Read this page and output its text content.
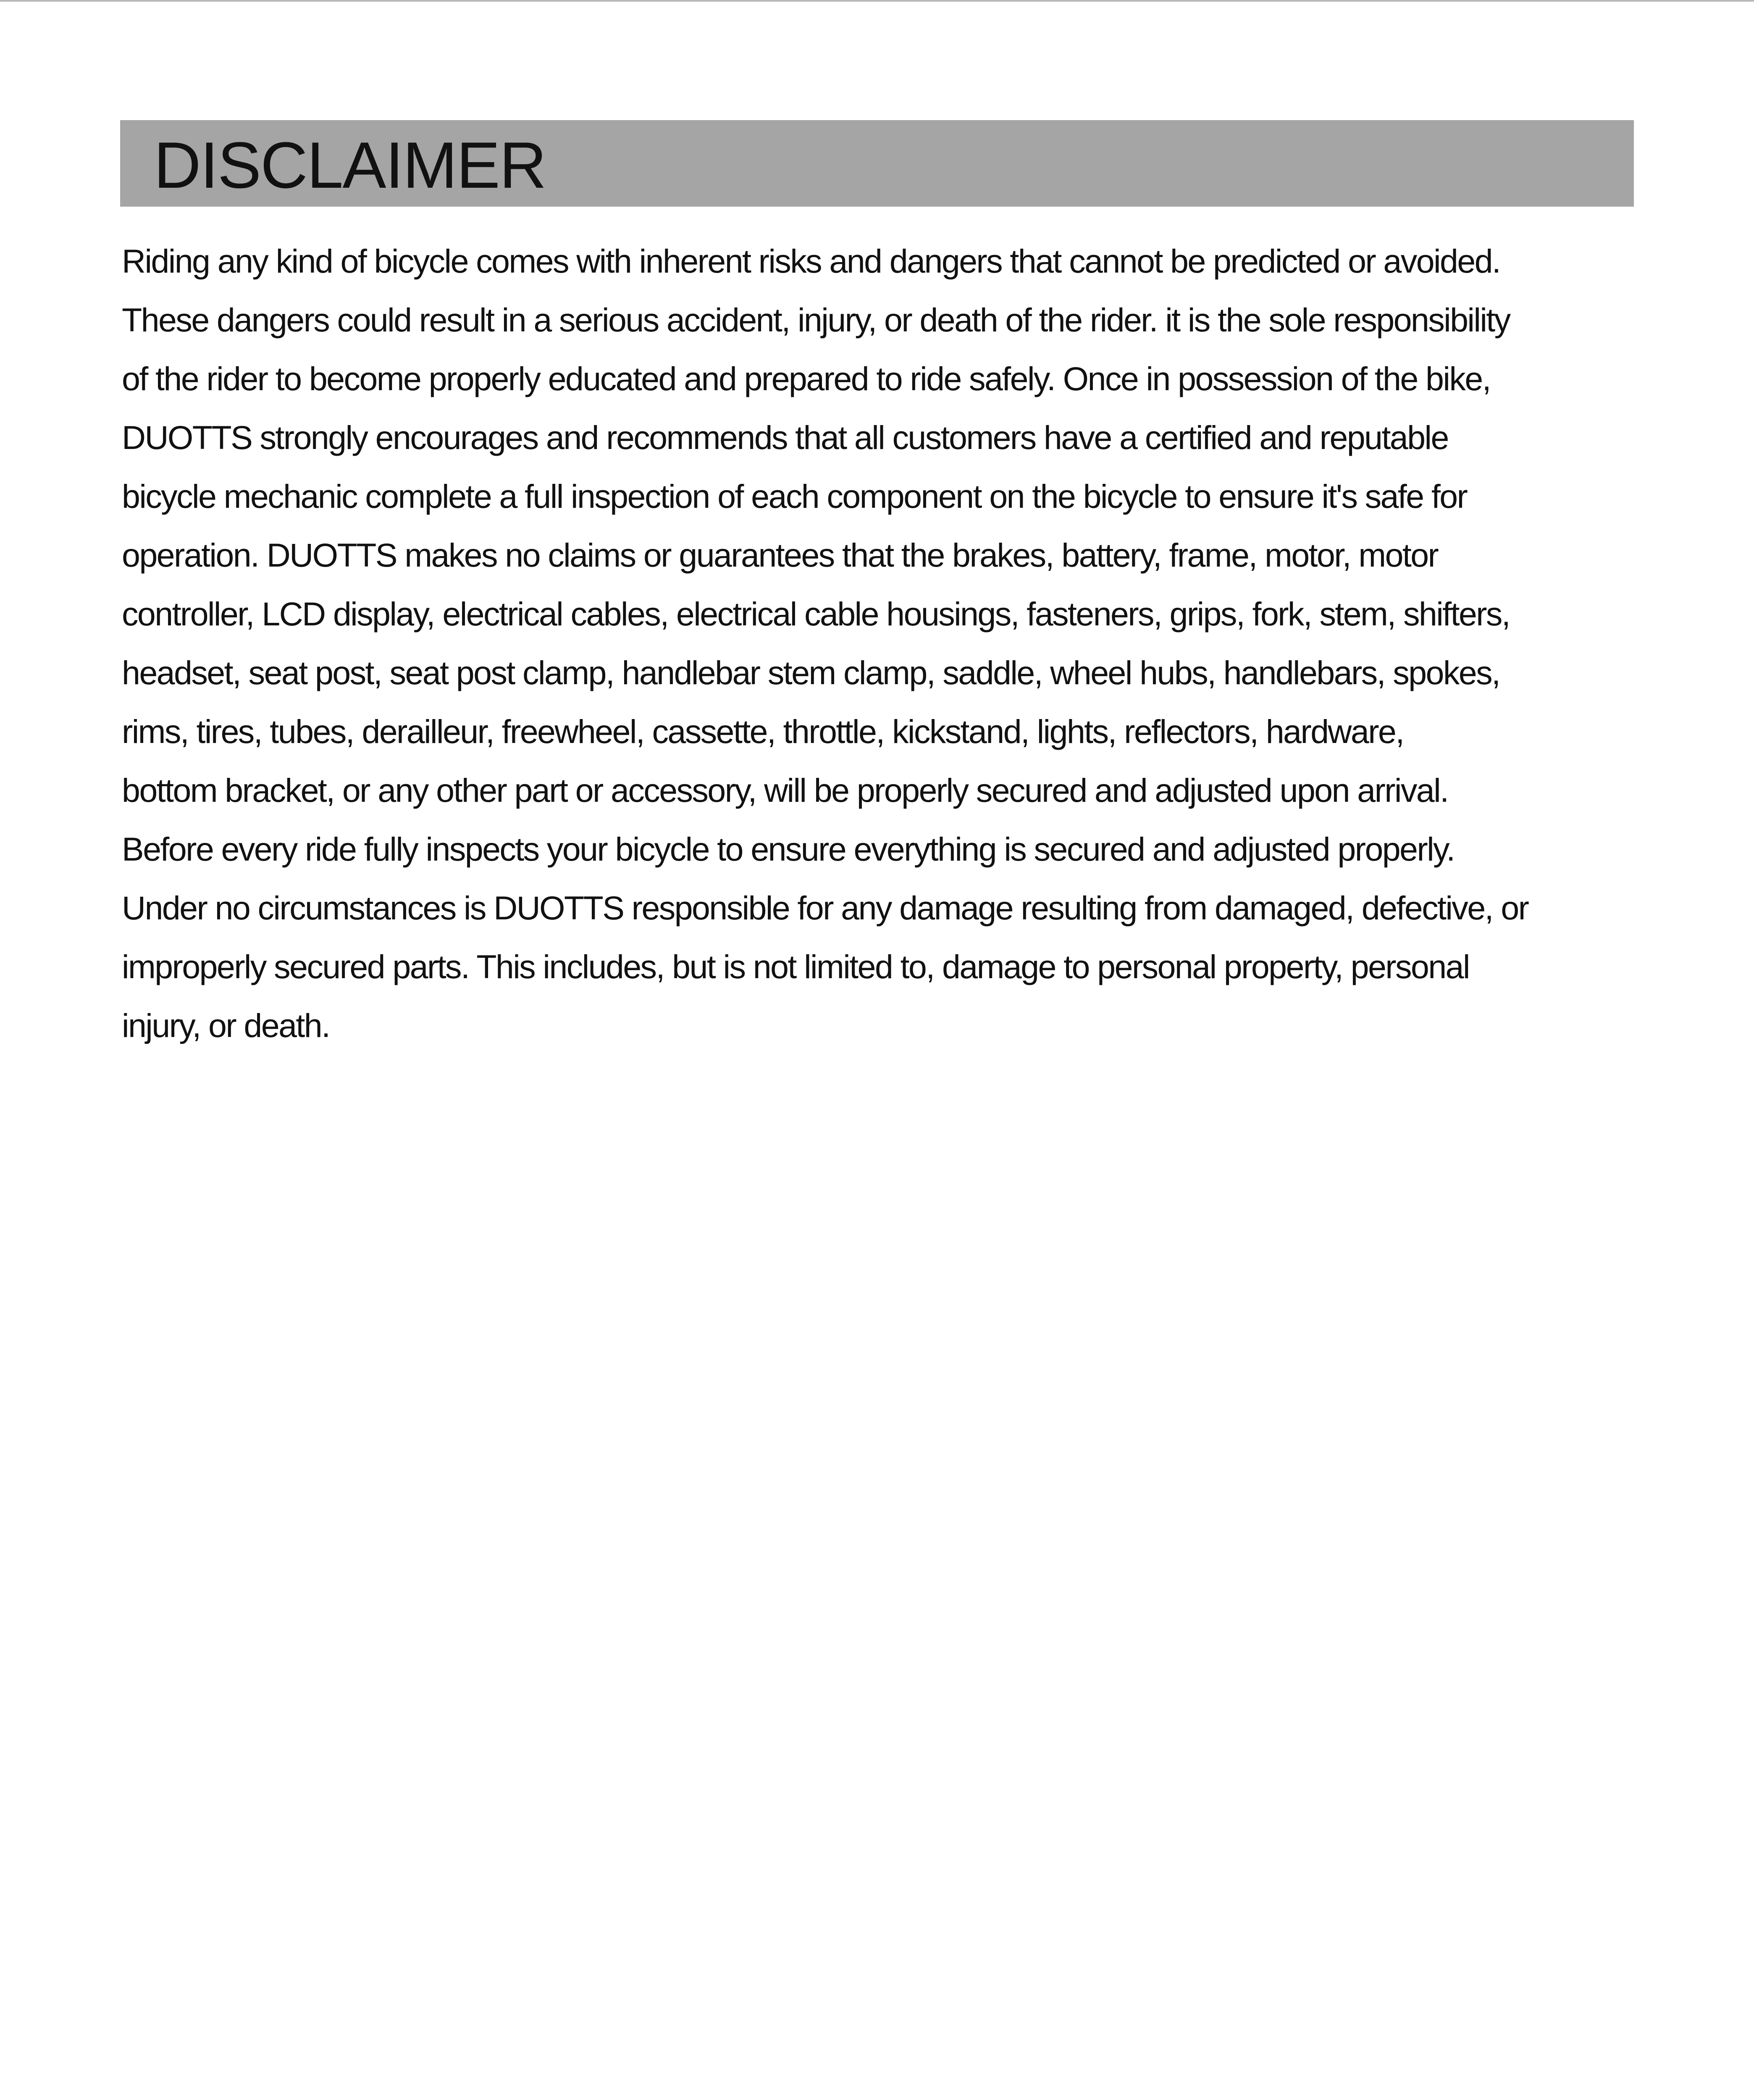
DISCLAIMER

Riding any kind of bicycle comes with inherent risks and dangers that cannot be predicted or avoided.
These dangers could result in a serious accident, injury, or death of the rider. it is the sole responsibility
of the rider to become properly educated and prepared to ride safely. Once in possession of the bike,
DUOTTS strongly encourages and recommends that all customers have a certified and reputable
bicycle mechanic complete a full inspection of each component on the bicycle to ensure it's safe for
operation. DUOTTS makes no claims or guarantees that the brakes, battery, frame, motor, motor
controller, LCD display, electrical cables, electrical cable housings, fasteners, grips, fork, stem, shifters,
headset, seat post, seat post clamp, handlebar stem clamp, saddle, wheel hubs, handlebars, spokes,
rims, tires, tubes, derailleur, freewheel, cassette, throttle, kickstand, lights, reflectors, hardware,
bottom bracket, or any other part or accessory, will be properly secured and adjusted upon arrival.
Before every ride fully inspects your bicycle to ensure everything is secured and adjusted properly.
Under no circumstances is DUOTTS responsible for any damage resulting from damaged, defective, or
improperly secured parts. This includes, but is not limited to, damage to personal property, personal
injury, or death.
